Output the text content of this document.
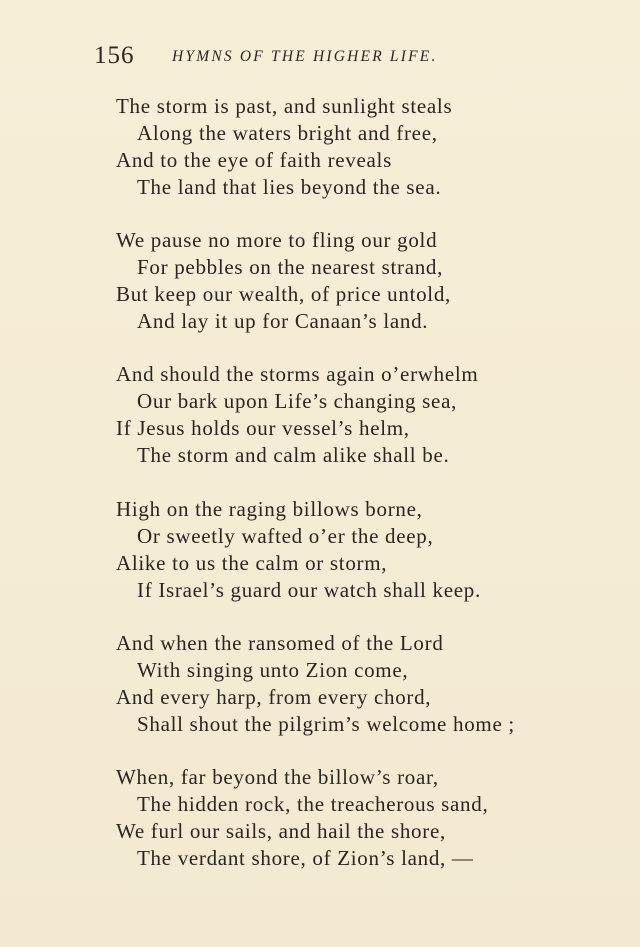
156 HYMNS OF THE HIGHER LIFE.
The storm is past, and sunlight steals
Along the waters bright and free,
And to the eye of faith reveals
The land that lies beyond the sea.
We pause no more to fling our gold
For pebbles on the nearest strand,
But keep our wealth, of price untold,
And lay it up for Canaan’s land.
And should the storms again o’erwhelm
Our bark upon Life’s changing sea,
If Jesus holds our vessel’s helm,
The storm and calm alike shall be.
High on the raging billows borne,
Or sweetly wafted o’er the deep,
Alike to us the calm or storm,
If Israel’s guard our watch shall keep.
And when the ransomed of the Lord
With singing unto Zion come,
And every harp, from every chord,
Shall shout the pilgrim’s welcome home ;
When, far beyond the billow’s roar,
The hidden rock, the treacherous sand,
We furl our sails, and hail the shore,
The verdant shore, of Zion’s land, —
